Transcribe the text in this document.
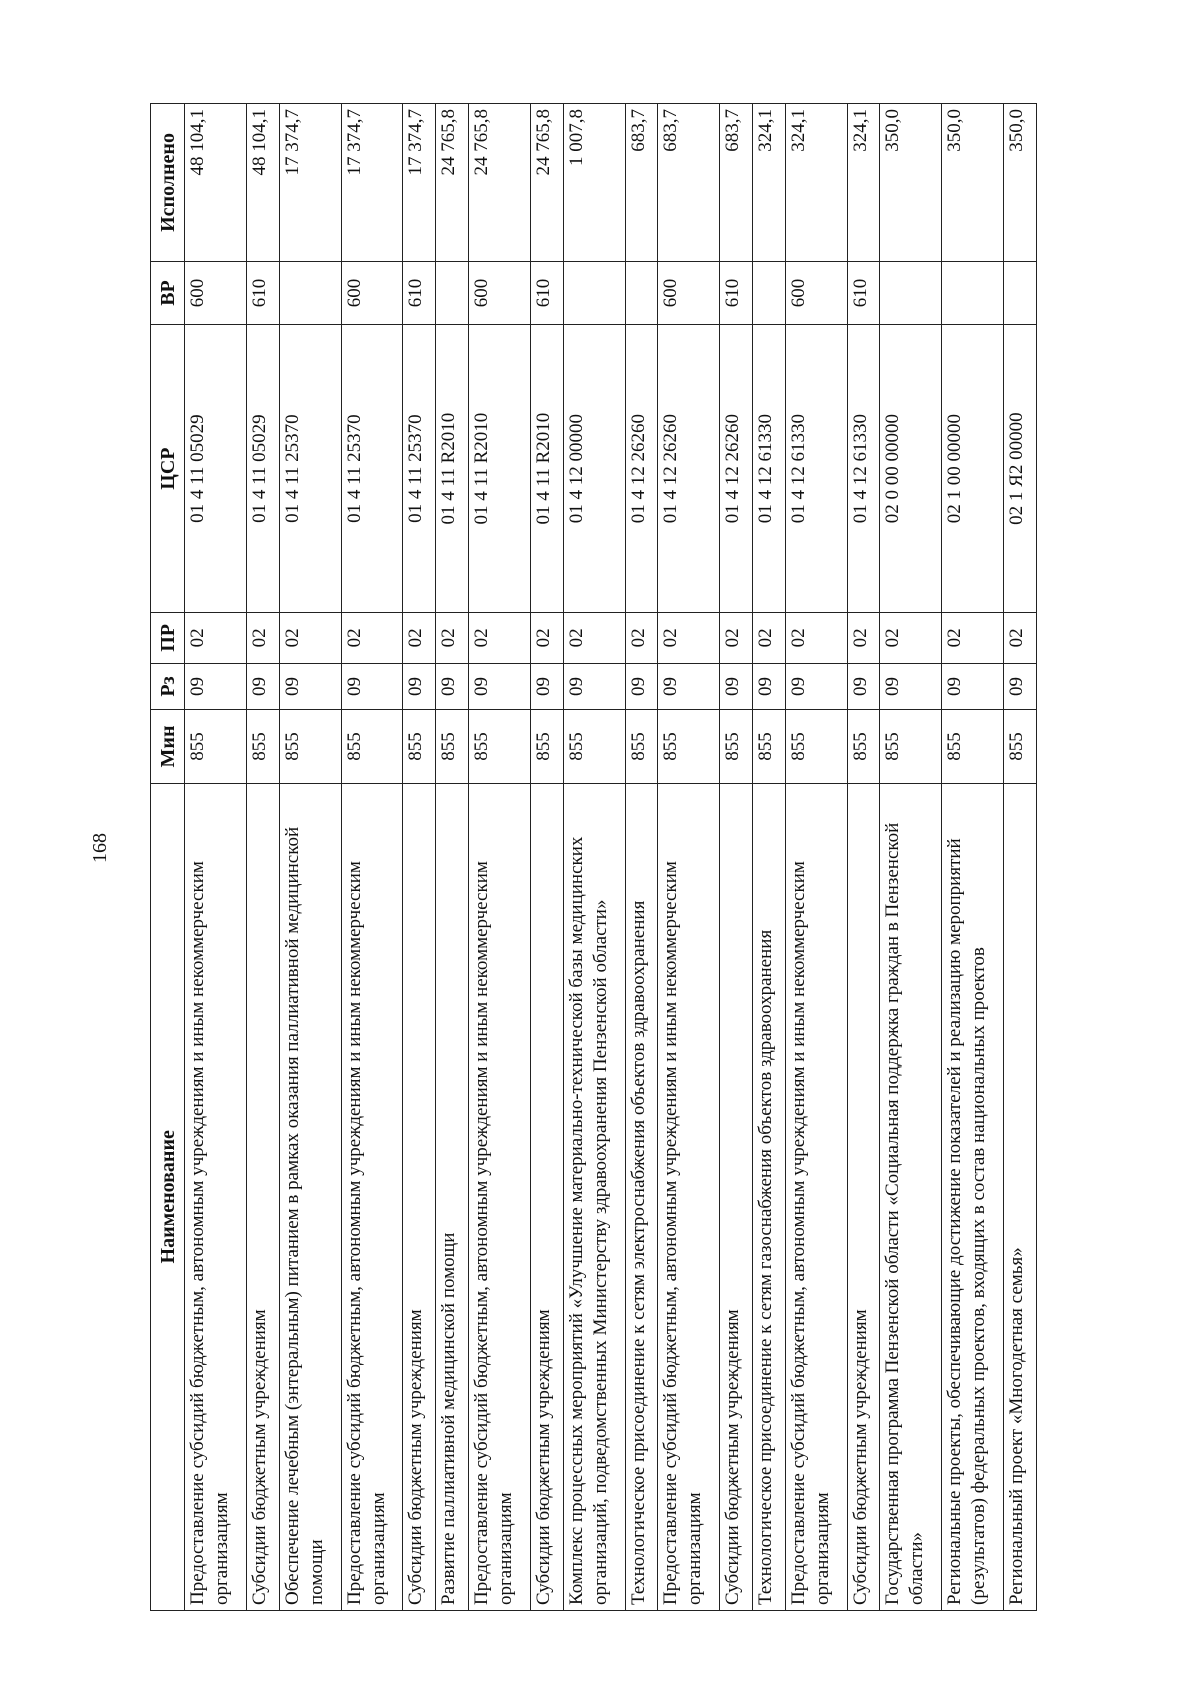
168
Наименование	Мин	Рз	ПР	ЦСР	ВР	Исполнено
Предоставление субсидий бюджетным, автономным учреждениям и иным некоммерческим организациям	855	09	02	01 4 11 05029	600	48 104,1
Субсидии бюджетным учреждениям	855	09	02	01 4 11 05029	610	48 104,1
Обеспечение лечебным (энтеральным) питанием в рамках оказания паллиативной медицинской помощи	855	09	02	01 4 11 25370		17 374,7
Предоставление субсидий бюджетным, автономным учреждениям и иным некоммерческим организациям	855	09	02	01 4 11 25370	600	17 374,7
Субсидии бюджетным учреждениям	855	09	02	01 4 11 25370	610	17 374,7
Развитие паллиативной медицинской помощи	855	09	02	01 4 11 R2010		24 765,8
Предоставление субсидий бюджетным, автономным учреждениям и иным некоммерческим организациям	855	09	02	01 4 11 R2010	600	24 765,8
Субсидии бюджетным учреждениям	855	09	02	01 4 11 R2010	610	24 765,8
Комплекс процессных мероприятий «Улучшение материально-технической базы медицинских организаций, подведомственных Министерству здравоохранения Пензенской области»	855	09	02	01 4 12 00000		1 007,8
Технологическое присоединение к сетям электроснабжения объектов здравоохранения	855	09	02	01 4 12 26260		683,7
Предоставление субсидий бюджетным, автономным учреждениям и иным некоммерческим организациям	855	09	02	01 4 12 26260	600	683,7
Субсидии бюджетным учреждениям	855	09	02	01 4 12 26260	610	683,7
Технологическое присоединение к сетям газоснабжения объектов здравоохранения	855	09	02	01 4 12 61330		324,1
Предоставление субсидий бюджетным, автономным учреждениям и иным некоммерческим организациям	855	09	02	01 4 12 61330	600	324,1
Субсидии бюджетным учреждениям	855	09	02	01 4 12 61330	610	324,1
Государственная программа Пензенской области «Социальная поддержка граждан в Пензенской области»	855	09	02	02 0 00 00000		350,0
Региональные проекты, обеспечивающие достижение показателей и реализацию мероприятий (результатов) федеральных проектов, входящих в состав национальных проектов	855	09	02	02 1 00 00000		350,0
Региональный проект «Многодетная семья»	855	09	02	02 1 Я2 00000		350,0
